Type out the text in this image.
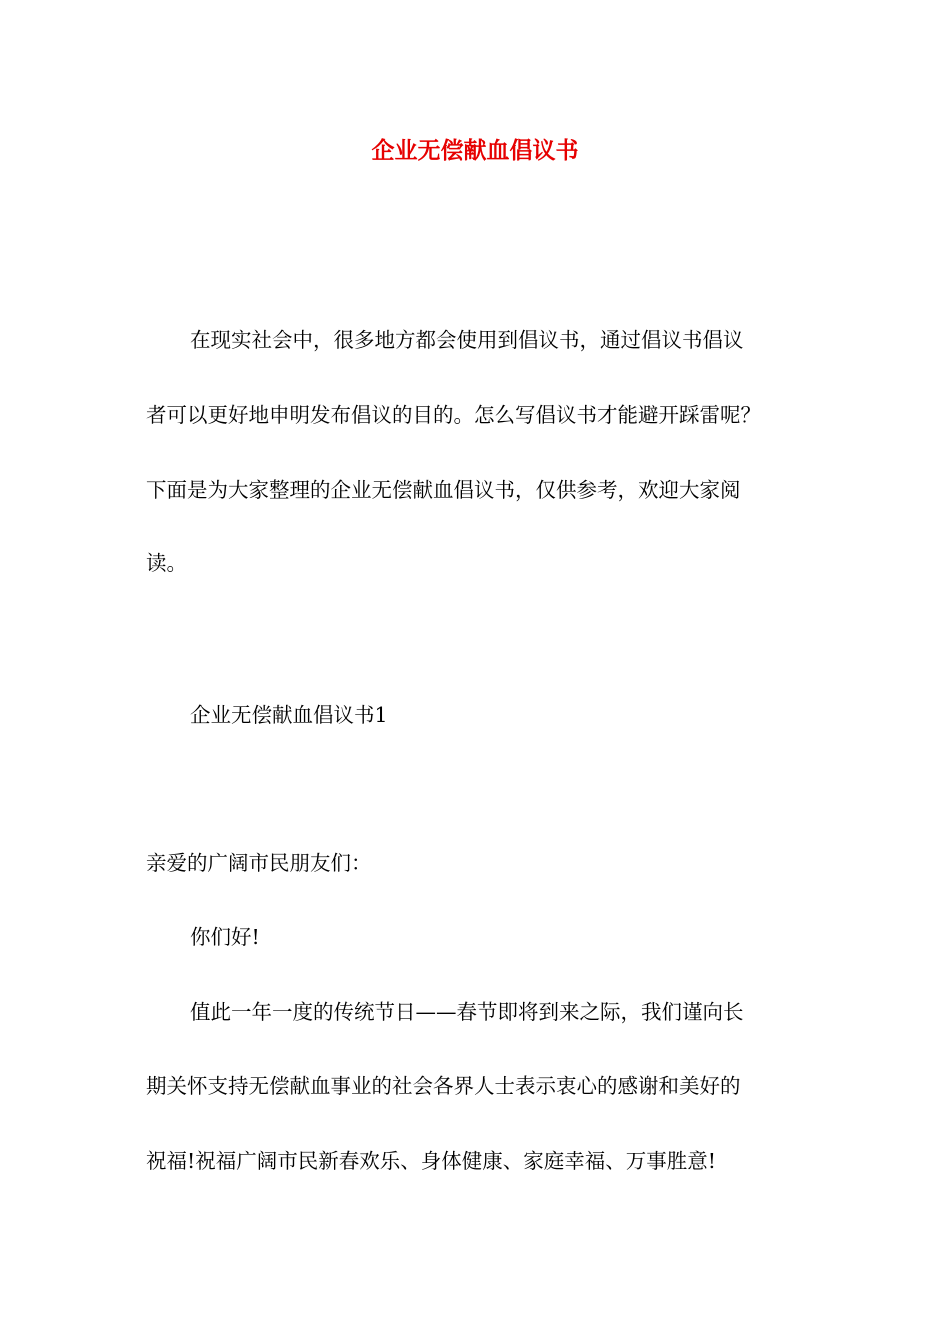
企业无偿献血倡议书
在现实社会中，很多地方都会使用到倡议书，通过倡议书倡议
者可以更好地申明发布倡议的目的。怎么写倡议书才能避开踩雷呢？
下面是为大家整理的企业无偿献血倡议书，仅供参考，欢迎大家阅
读。
企业无偿献血倡议书1
亲爱的广阔市民朋友们：
你们好!
值此一年一度的传统节日——春节即将到来之际，我们谨向长
期关怀支持无偿献血事业的社会各界人士表示衷心的感谢和美好的
祝福!祝福广阔市民新春欢乐、身体健康、家庭幸福、万事胜意!
